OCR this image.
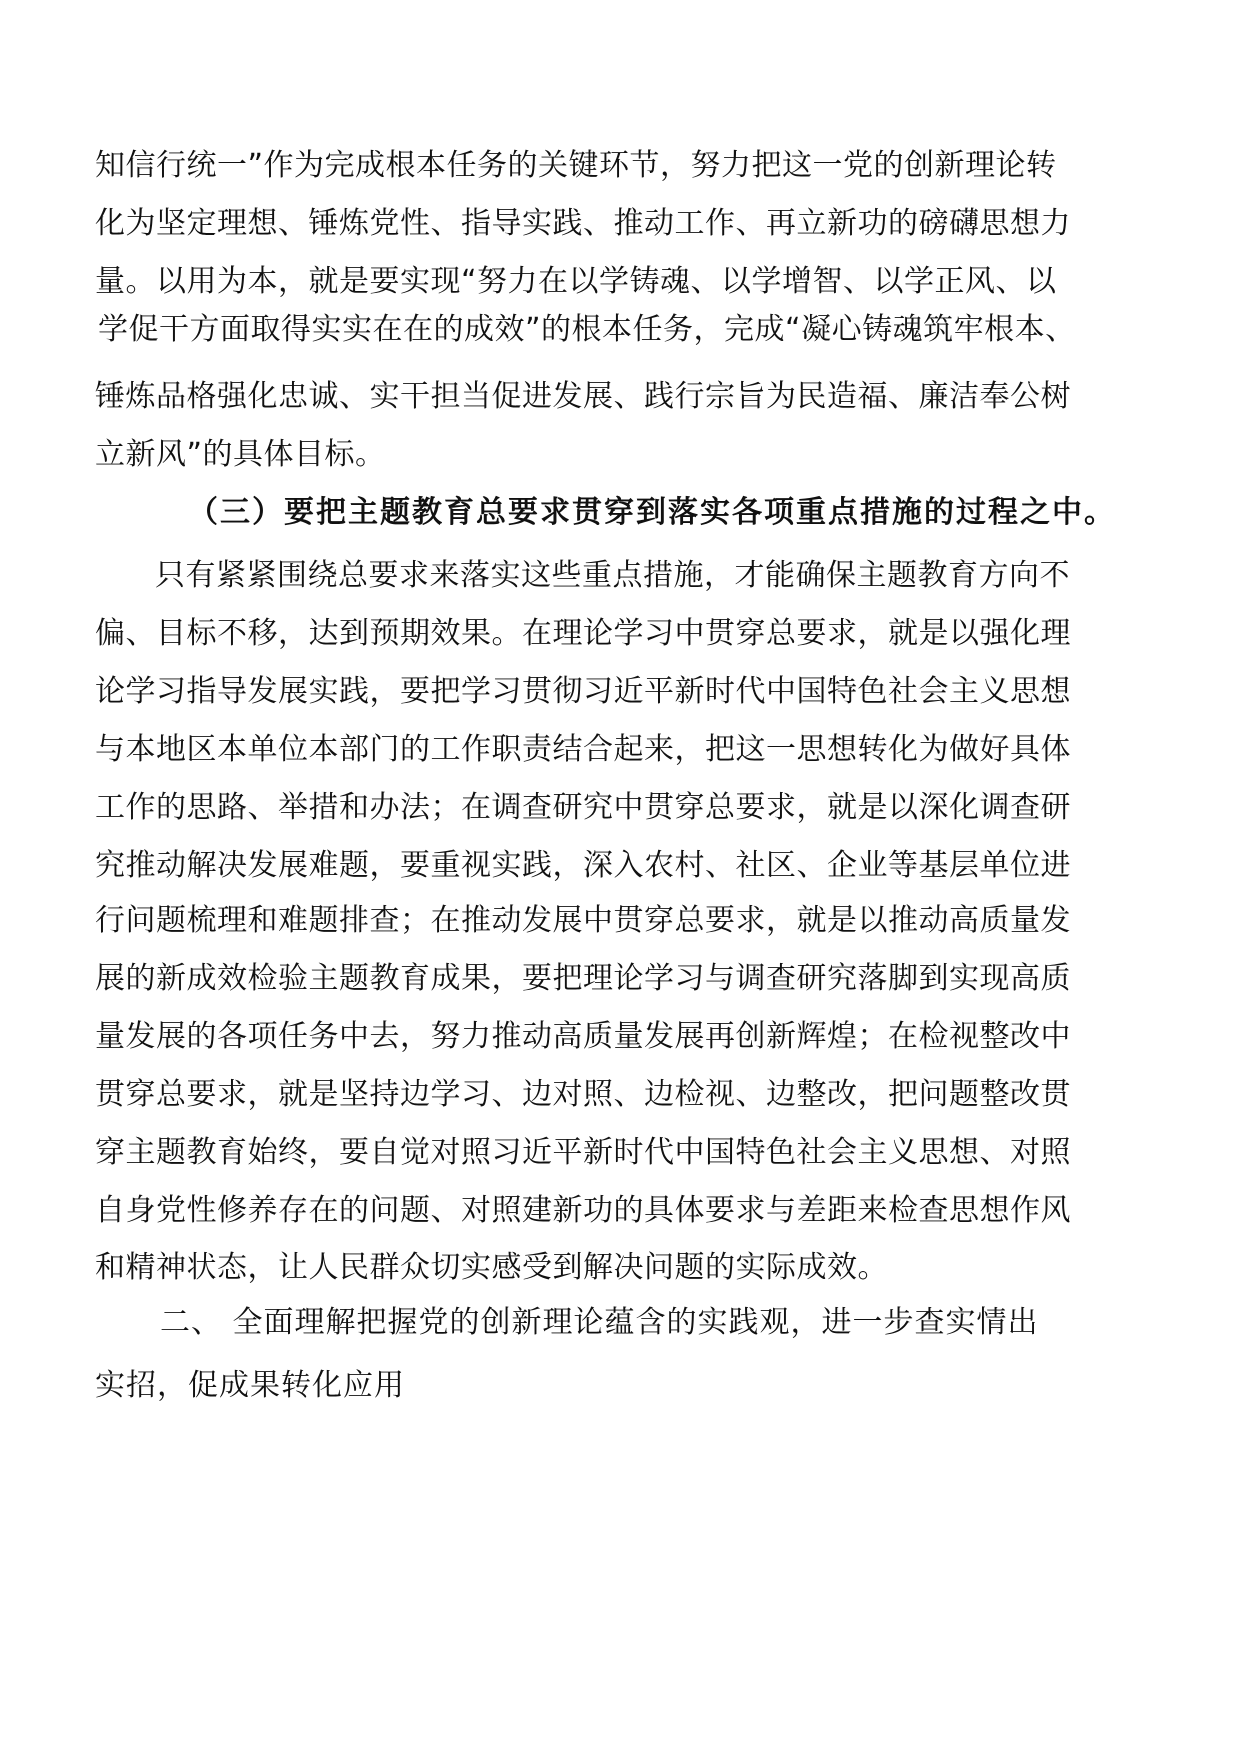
知信行统一”作为完成根本任务的关键环节，努力把这一党的创新理论转
化为坚定理想、锤炼党性、指导实践、推动工作、再立新功的磅礴思想力
量。以用为本，就是要实现“努力在以学铸魂、以学增智、以学正风、以
学促干方面取得实实在在的成效”的根本任务，完成“凝心铸魂筑牢根本、
锤炼品格强化忠诚、实干担当促进发展、践行宗旨为民造福、廉洁奉公树
立新风”的具体目标。
（三）要把主题教育总要求贯穿到落实各项重点措施的过程之中。
只有紧紧围绕总要求来落实这些重点措施，才能确保主题教育方向不
偏、目标不移，达到预期效果。在理论学习中贯穿总要求，就是以强化理
论学习指导发展实践，要把学习贯彻习近平新时代中国特色社会主义思想
与本地区本单位本部门的工作职责结合起来，把这一思想转化为做好具体
工作的思路、举措和办法；在调查研究中贯穿总要求，就是以深化调查研
究推动解决发展难题，要重视实践，深入农村、社区、企业等基层单位进
行问题梳理和难题排查；在推动发展中贯穿总要求，就是以推动高质量发
展的新成效检验主题教育成果，要把理论学习与调查研究落脚到实现高质
量发展的各项任务中去，努力推动高质量发展再创新辉煌；在检视整改中
贯穿总要求，就是坚持边学习、边对照、边检视、边整改，把问题整改贯
穿主题教育始终，要自觉对照习近平新时代中国特色社会主义思想、对照
自身党性修养存在的问题、对照建新功的具体要求与差距来检查思想作风
和精神状态，让人民群众切实感受到解决问题的实际成效。
二、 全面理解把握党的创新理论蕴含的实践观，进一步查实情出
实招，促成果转化应用
